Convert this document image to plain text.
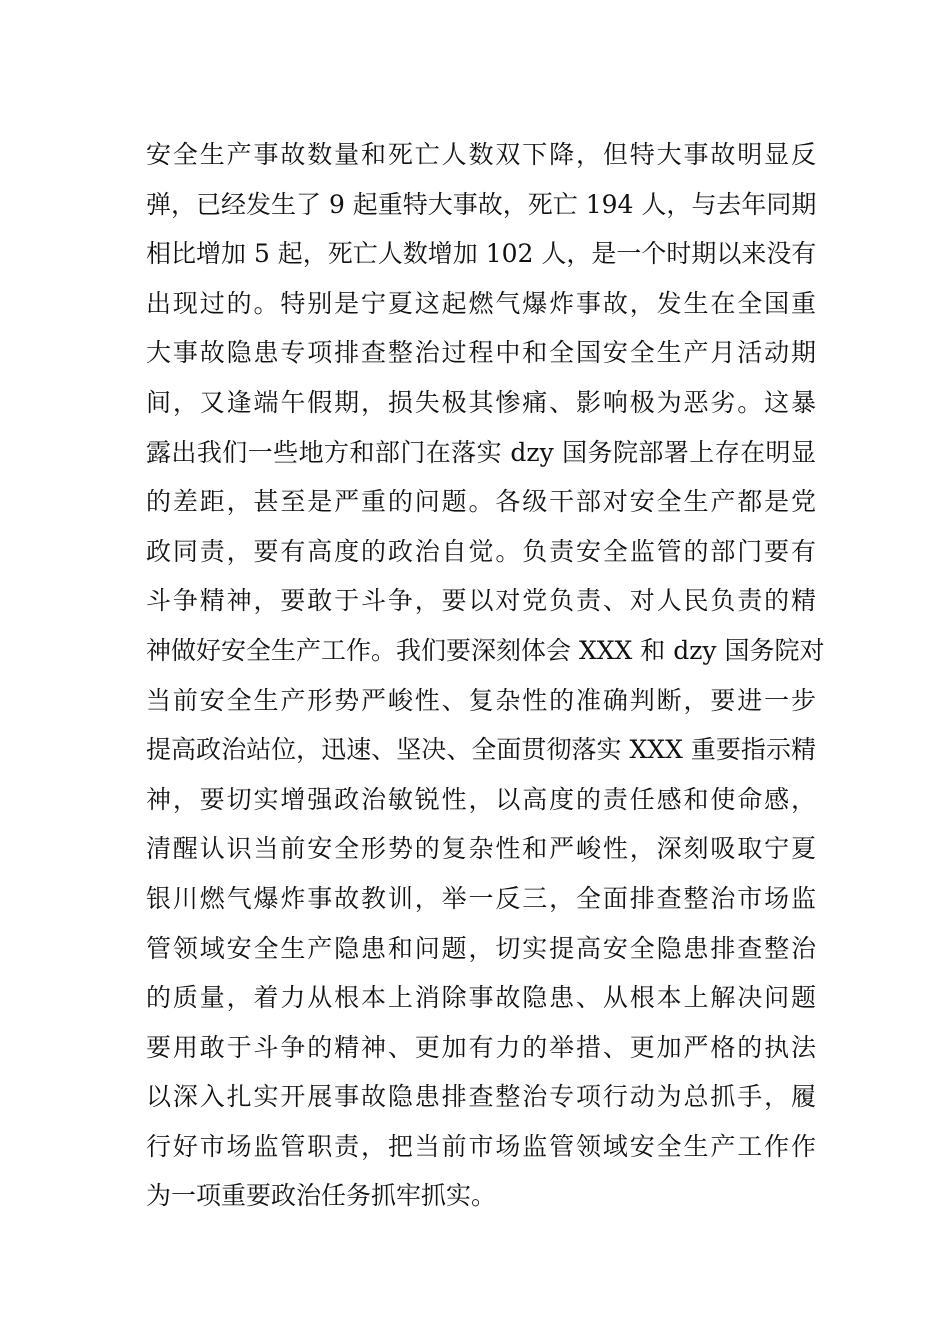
安全生产事故数量和死亡人数双下降，但特大事故明显反
弹，已经发生了 9 起重特大事故，死亡 194 人，与去年同期
相比增加 5 起，死亡人数增加 102 人，是一个时期以来没有
出现过的。特别是宁夏这起燃气爆炸事故，发生在全国重
大事故隐患专项排查整治过程中和全国安全生产月活动期
间，又逢端午假期，损失极其惨痛、影响极为恶劣。这暴
露出我们一些地方和部门在落实 dzy 国务院部署上存在明显
的差距，甚至是严重的问题。各级干部对安全生产都是党
政同责，要有高度的政治自觉。负责安全监管的部门要有
斗争精神，要敢于斗争，要以对党负责、对人民负责的精
神做好安全生产工作。我们要深刻体会 XXX 和 dzy 国务院对
当前安全生产形势严峻性、复杂性的准确判断，要进一步
提高政治站位，迅速、坚决、全面贯彻落实 XXX 重要指示精
神，要切实增强政治敏锐性，以高度的责任感和使命感，
清醒认识当前安全形势的复杂性和严峻性，深刻吸取宁夏
银川燃气爆炸事故教训，举一反三，全面排查整治市场监
管领域安全生产隐患和问题，切实提高安全隐患排查整治
的质量，着力从根本上消除事故隐患、从根本上解决问题
要用敢于斗争的精神、更加有力的举措、更加严格的执法
以深入扎实开展事故隐患排查整治专项行动为总抓手，履
行好市场监管职责，把当前市场监管领域安全生产工作作
为一项重要政治任务抓牢抓实。
